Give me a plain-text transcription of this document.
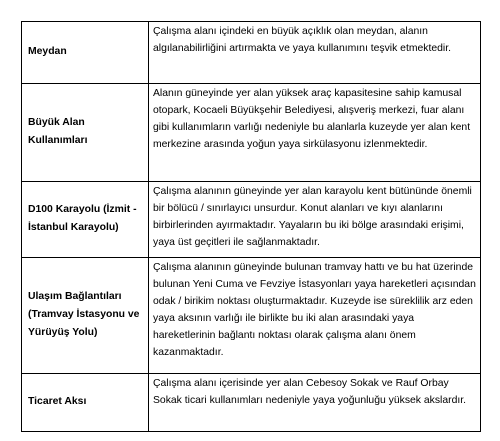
Meydan	Çalışma alanı içindeki en büyük açıklık olan meydan, alanın algılanabilirliğini artırmakta ve yaya kullanımını teşvik etmektedir.
Büyük Alan Kullanımları	Alanın güneyinde yer alan yüksek araç kapasitesine sahip kamusal otopark, Kocaeli Büyükşehir Belediyesi, alışveriş merkezi, fuar alanı gibi kullanımların varlığı nedeniyle bu alanlarla kuzeyde yer alan kent merkezine arasında yoğun yaya sirkülasyonu izlenmektedir.
D100 Karayolu (İzmit - İstanbul Karayolu)	Çalışma alanının güneyinde yer alan karayolu kent bütününde önemli bir bölücü / sınırlayıcı unsurdur. Konut alanları ve kıyı alanlarını birbirlerinden ayırmaktadır. Yayaların bu iki bölge arasındaki erişimi, yaya üst geçitleri ile sağlanmaktadır.
Ulaşım Bağlantıları (Tramvay İstasyonu ve Yürüyüş Yolu)	Çalışma alanının güneyinde bulunan tramvay hattı ve bu hat üzerinde bulunan Yeni Cuma ve Fevziye İstasyonları yaya hareketleri açısından odak / birikim noktası oluşturmaktadır. Kuzeyde ise süreklilik arz eden yaya aksının varlığı ile birlikte bu iki alan arasındaki yaya hareketlerinin bağlantı noktası olarak çalışma alanı önem kazanmaktadır.
Ticaret Aksı	Çalışma alanı içerisinde yer alan Cebesoy Sokak ve Rauf Orbay Sokak ticari kullanımları nedeniyle yaya yoğunluğu yüksek akslardır.
